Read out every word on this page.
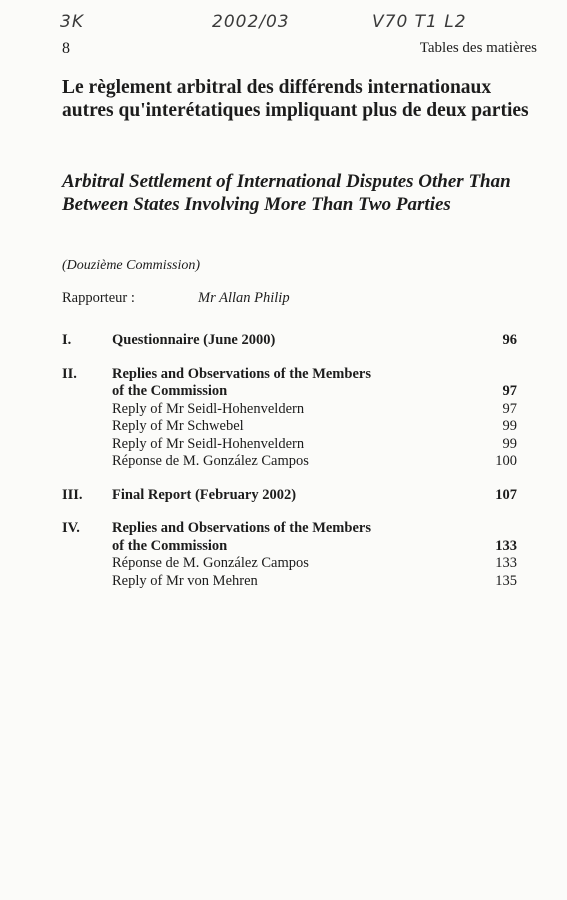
3K	2002/03	V70 T1 L2
8	Tables des matières
Le règlement arbitral des différends internationaux autres qu'interétatiques impliquant plus de deux parties
Arbitral Settlement of International Disputes Other Than Between States Involving More Than Two Parties
(Douzième Commission)
Rapporteur :	Mr Allan Philip
I.	Questionnaire (June 2000)	96
II.	Replies and Observations of the Members
of the Commission	97
Reply of Mr Seidl-Hohenveldern	97
Reply of Mr Schwebel	99
Reply of Mr Seidl-Hohenveldern	99
Réponse de M. González Campos	100
III.	Final Report (February 2002)	107
IV.	Replies and Observations of the Members
of the Commission	133
Réponse de M. González Campos	133
Reply of Mr von Mehren	135
